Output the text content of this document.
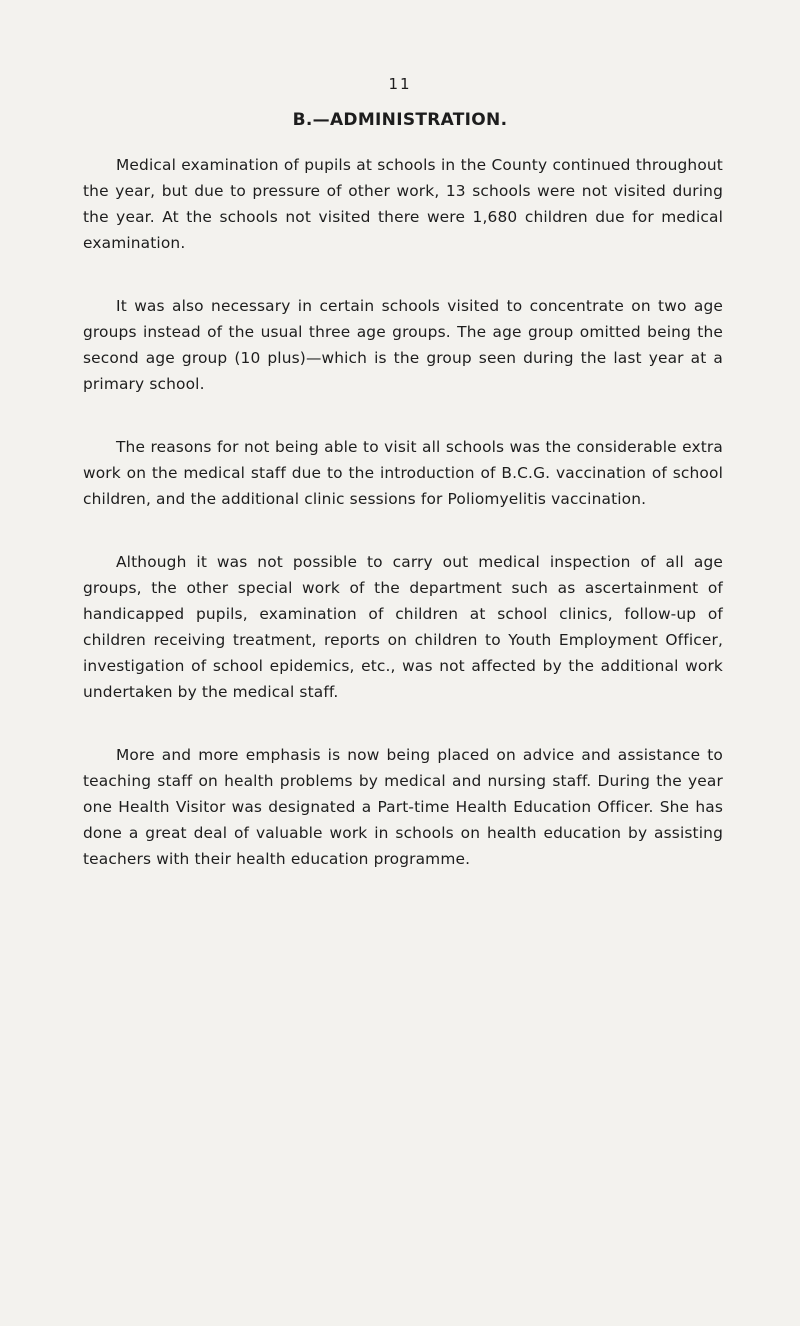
11
B.—ADMINISTRATION.

Medical examination of pupils at schools in the County continued throughout the year, but due to pressure of other work, 13 schools were not visited during the year. At the schools not visited there were 1,680 children due for medical examination.

It was also necessary in certain schools visited to concentrate on two age groups instead of the usual three age groups. The age group omitted being the second age group (10 plus)—which is the group seen during the last year at a primary school.

The reasons for not being able to visit all schools was the considerable extra work on the medical staff due to the introduction of B.C.G. vaccination of school children, and the additional clinic sessions for Poliomyelitis vaccination.

Although it was not possible to carry out medical inspection of all age groups, the other special work of the department such as ascertainment of handicapped pupils, examination of children at school clinics, follow-up of children receiving treatment, reports on children to Youth Employment Officer, investigation of school epidemics, etc., was not affected by the additional work undertaken by the medical staff.

More and more emphasis is now being placed on advice and assistance to teaching staff on health problems by medical and nursing staff. During the year one Health Visitor was designated a Part-time Health Education Officer. She has done a great deal of valuable work in schools on health education by assisting teachers with their health education programme.
